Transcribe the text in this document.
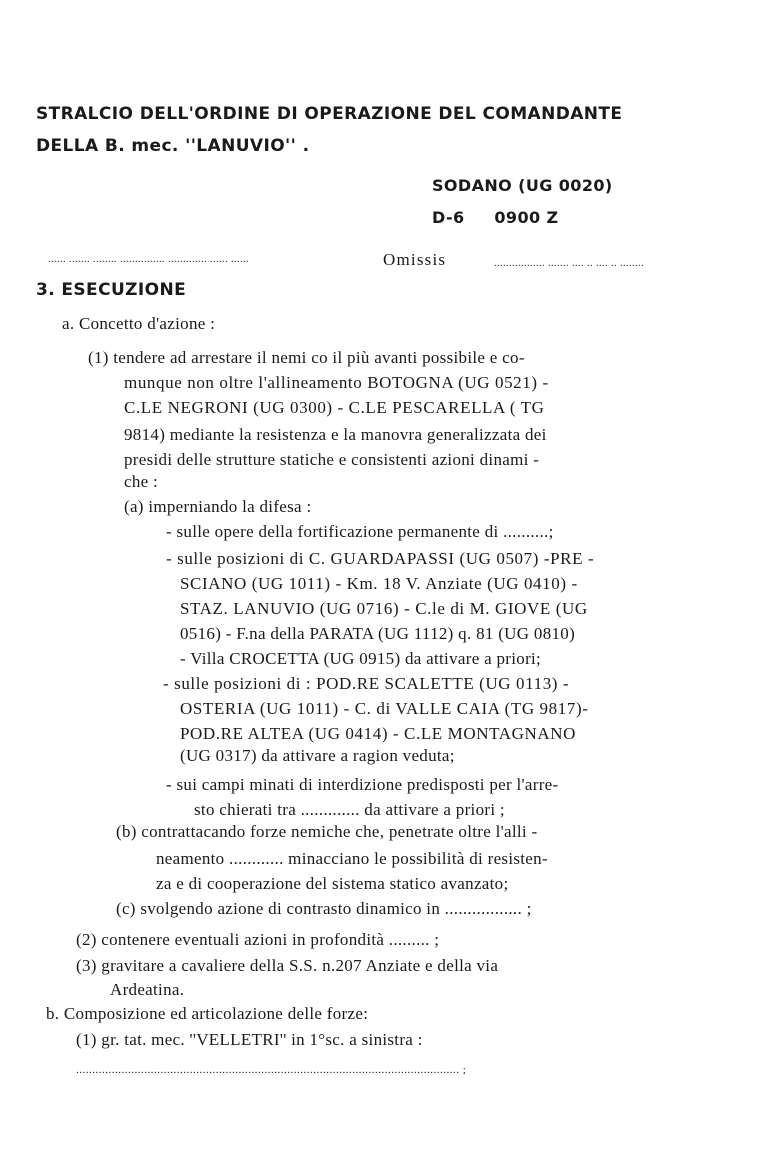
STRALCIO DELL'ORDINE DI OPERAZIONE DEL COMANDANTE
DELLA B. mec. ''LANUVIO'' .
SODANO (UG 0020)
D-6     0900 Z
...... ....... ........ ............... ............. ...... ......	Omissis	................. ....... .... .. .... .. ........
3. ESECUZIONE
a. Concetto d'azione :
(1) tendere ad arrestare il nemi co il più avanti possibile e co-
munque non oltre l'allineamento BOTOGNA (UG 0521) -
C.LE NEGRONI (UG 0300) - C.LE PESCARELLA ( TG
9814) mediante la resistenza e la manovra generalizzata dei
presidi delle strutture statiche e consistenti azioni dinami -
che :
(a) imperniando la difesa :
- sulle opere della fortificazione permanente di ..........;
- sulle posizioni di C. GUARDAPASSI (UG 0507) -PRE -
SCIANO (UG 1011) - Km. 18 V. Anziate (UG 0410) -
STAZ. LANUVIO (UG 0716) - C.le di M. GIOVE (UG
0516) - F.na della PARATA (UG 1112) q. 81 (UG 0810)
- Villa CROCETTA (UG 0915) da attivare a priori;
- sulle posizioni di : POD.RE SCALETTE (UG 0113) -
OSTERIA (UG 1011) - C. di VALLE CAIA (TG 9817)-
POD.RE ALTEA (UG 0414) - C.LE MONTAGNANO
(UG 0317) da attivare a ragion veduta;
- sui campi minati di interdizione predisposti per l'arre-
sto chierati tra ............. da attivare a priori ;
(b) contrattacando forze nemiche che, penetrate oltre l'alli -
neamento ............ minacciano le possibilità di resisten-
za e di cooperazione del sistema statico avanzato;
(c) svolgendo azione di contrasto dinamico in ................. ;
(2) contenere eventuali azioni in profondità ......... ;
(3) gravitare a cavaliere della S.S. n.207 Anziate e della via
Ardeatina.
b. Composizione ed articolazione delle forze:
(1) gr. tat. mec. ''VELLETRI'' in 1°sc. a sinistra :
...................................................................................................................... ;
